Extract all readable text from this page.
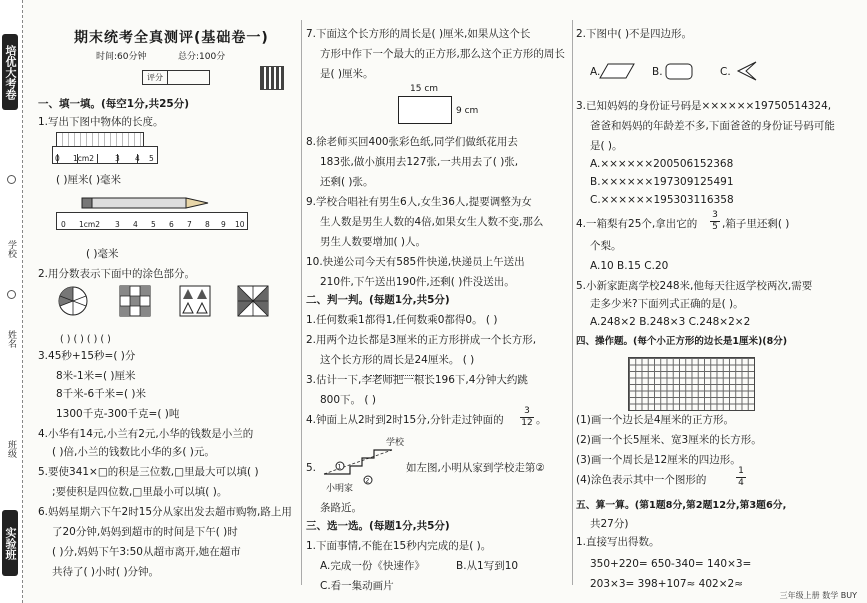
培优大考卷
学校
姓名
班级
实验班
期末统考全真测评(基础卷一)
时间:60分钟	总分:100分
一、填一填。(每空1分,共25分)
1.写出下图中物体的长度。
( )厘米( )毫米
( )毫米
2.用分数表示下面中的涂色部分。
( ) ( ) ( ) ( )
3.45秒+15秒=( )分
8米-1米=( )厘米
8千米-6千米=( )米
1300千克-300千克=( )吨
4.小华有14元,小兰有2元,小华的钱数是小兰的
( )倍,小兰的钱数比小华的多( )元。
5.要使341×□的积是三位数,□里最大可以填( )
;要使积是四位数,□里最小可以填( )。
6.妈妈星期六下午2时15分从家出发去超市购物,路上用
了20分钟,妈妈到超市的时间是下午( )时
( )分,妈妈下午3:50从超市离开,她在超市
共待了( )小时( )分钟。
评分
0 1cm2	3 4 5
0 1cm2 3 4 5 6 7 8 9 10
7.下面这个长方形的周长是( )厘米,如果从这个长
方形中作下一个最大的正方形,那么这个正方形的周长
是( )厘米。
15 cm
9 cm
8.徐老师买回400张彩色纸,同学们做纸花用去
183张,做小旗用去127张,一共用去了( )张,
还剩( )张。
9.学校合唱社有男生6人,女生36人,提要调整为女
生人数是男生人数的4倍,如果女生人数不变,那么
男生人数要增加( )人。
10.快递公司今天有585件快递,快递员上午送出
210件,下午送出190件,还剩( )件没送出。
二、判一判。(每题1分,共5分)
1.任何数乘1都得1,任何数乘0都得0。 ( )
2.用两个边长都是3厘米的正方形拼成一个长方形,
这个长方形的周长是24厘米。 ( )
3.估计一下,李老师把一根长196下,4分钟大约跳
800下。 ( )
4.钟面上从2时到2时15分,分针走过钟面的 $\frac{3}{12}$ 。
5.
学校
小明家
如左图,小明从家到学校走第②
条路近。
三、选一选。(每题1分,共5分)
1.下面事情,不能在15秒内完成的是( )。
A.完成一份《快速作》	B.从1写到10
C.看一集动画片
2
1
2.下图中( )不是四边形。
A.	B.	C.
3.已知妈妈的身份证号码是××××××19750514324,
爸爸和妈妈的年龄差不多,下面爸爸的身份证号码可能
是( )。
A.××××××200506152368
B.××××××197309125491
C.××××××195303116358
4.一箱梨有25个,拿出它的 $\frac{3}{5}$ ,箱子里还剩( )
个梨。
A.10 B.15 C.20
5.小新家距离学校248米,他每天往返学校两次,需要
走多少米?下面列式正确的是( )。
A.248×2 B.248×3 C.248×2×2
四、操作题。(每个小正方形的边长是1厘米)(8分)
(1)画一个边长是4厘米的正方形。
(2)画一个长5厘米、宽3厘米的长方形。
(3)画一个周长是12厘米的四边形。
(4)涂色表示其中一个图形的	$\frac{1}{4}$
五、算一算。(第1题8分,第2题12分,第3题6分,
共27分)
1.直接写出得数。
350+220= 650-340= 140×3=
203×3= 398+107≈ 402×2≈
三年级上册 数学 BUY
